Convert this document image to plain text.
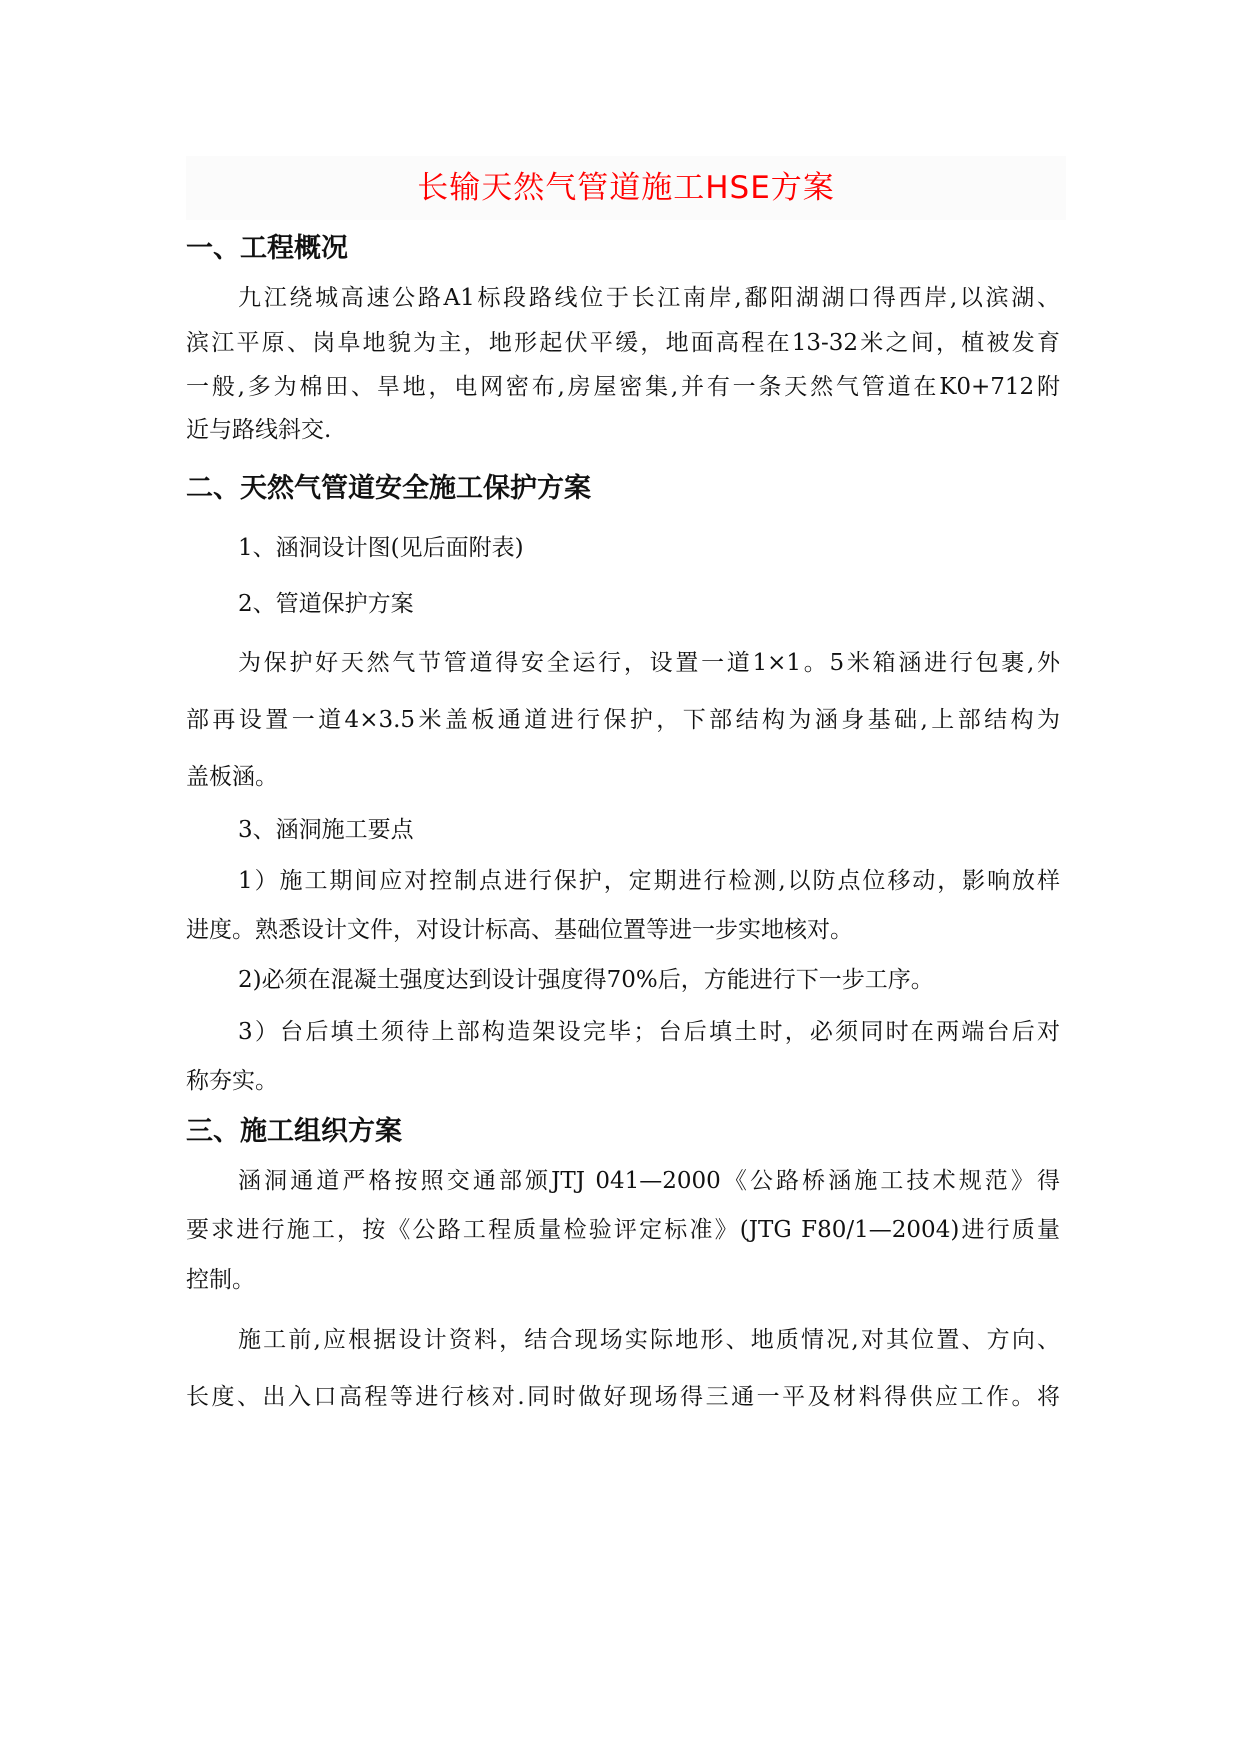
长输天然气管道施工HSE方案
一、工程概况
九江绕城高速公路A1标段路线位于长江南岸,鄱阳湖湖口得西岸,以滨湖、
滨江平原、岗阜地貌为主，地形起伏平缓，地面高程在13-32米之间，植被发育
一般,多为棉田、旱地，电网密布,房屋密集,并有一条天然气管道在K0+712附
近与路线斜交.
二、天然气管道安全施工保护方案
1、涵洞设计图(见后面附表)
2、管道保护方案
为保护好天然气节管道得安全运行，设置一道1×1。5米箱涵进行包裹,外
部再设置一道4×3.5米盖板通道进行保护，下部结构为涵身基础,上部结构为
盖板涵。
3、涵洞施工要点
1）施工期间应对控制点进行保护，定期进行检测,以防点位移动，影响放样
进度。熟悉设计文件，对设计标高、基础位置等进一步实地核对。
2)必须在混凝土强度达到设计强度得70%后，方能进行下一步工序。
3）台后填土须待上部构造架设完毕；台后填土时，必须同时在两端台后对
称夯实。
三、施工组织方案
涵洞通道严格按照交通部颁JTJ 041—2000《公路桥涵施工技术规范》得
要求进行施工，按《公路工程质量检验评定标准》(JTG F80/1—2004)进行质量
控制。
施工前,应根据设计资料，结合现场实际地形、地质情况,对其位置、方向、
长度、出入口高程等进行核对.同时做好现场得三通一平及材料得供应工作。将
